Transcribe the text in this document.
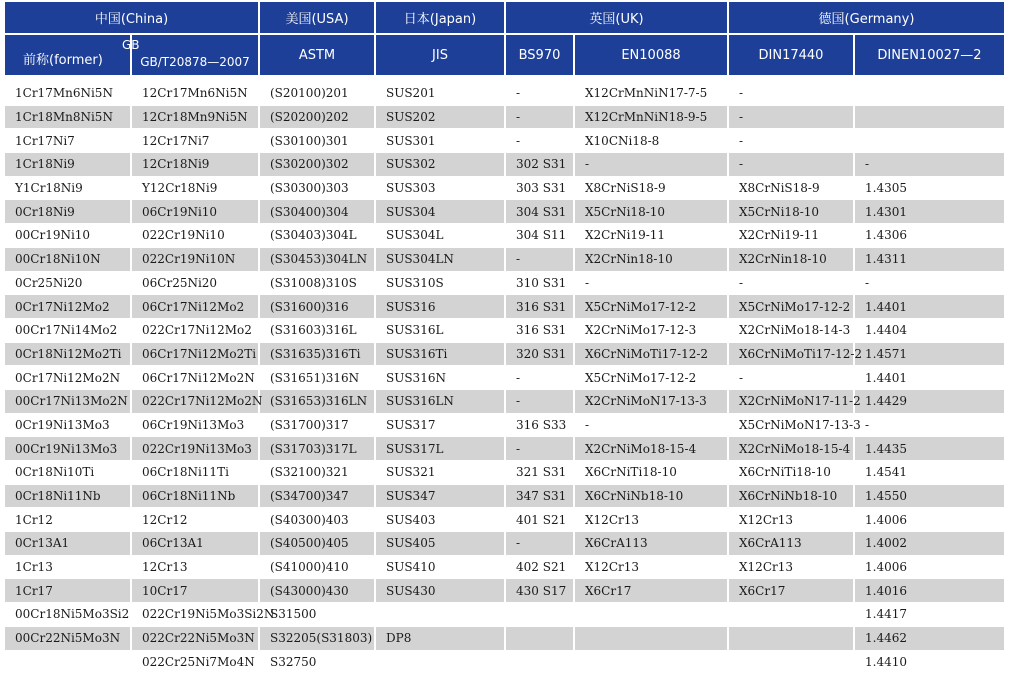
中国(China)		美国(USA)	日本(Japan)	英国(UK)		德国(Germany)	

前称(former)	GB
GB/T20878—2007	ASTM	JIS	BS970	EN10088	DIN17440	DINEN10027—2

1Cr17Mn6Ni5N	12Cr17Mn6Ni5N	(S20100)201	SUS201	-	X12CrMnNiN17-7-5	-	
1Cr18Mn8Ni5N	12Cr18Mn9Ni5N	(S20200)202	SUS202	-	X12CrMnNiN18-9-5	-	
1Cr17Ni7	12Cr17Ni7	(S30100)301	SUS301	-	X10CNi18-8	-	
1Cr18Ni9	12Cr18Ni9	(S30200)302	SUS302	302 S31	-	-	-
Y1Cr18Ni9	Y12Cr18Ni9	(S30300)303	SUS303	303 S31	X8CrNiS18-9	X8CrNiS18-9	1.4305
0Cr18Ni9	06Cr19Ni10	(S30400)304	SUS304	304 S31	X5CrNi18-10	X5CrNi18-10	1.4301
00Cr19Ni10	022Cr19Ni10	(S30403)304L	SUS304L	304 S11	X2CrNi19-11	X2CrNi19-11	1.4306
00Cr18Ni10N	022Cr19Ni10N	(S30453)304LN	SUS304LN	-	X2CrNin18-10	X2CrNin18-10	1.4311
0Cr25Ni20	06Cr25Ni20	(S31008)310S	SUS310S	310 S31	-	-	-
0Cr17Ni12Mo2	06Cr17Ni12Mo2	(S31600)316	SUS316	316 S31	X5CrNiMo17-12-2	X5CrNiMo17-12-2	1.4401
00Cr17Ni14Mo2	022Cr17Ni12Mo2	(S31603)316L	SUS316L	316 S31	X2CrNiMo17-12-3	X2CrNiMo18-14-3	1.4404
0Cr18Ni12Mo2Ti	06Cr17Ni12Mo2Ti	(S31635)316Ti	SUS316Ti	320 S31	X6CrNiMoTi17-12-2	X6CrNiMoTi17-12-2	1.4571
0Cr17Ni12Mo2N	06Cr17Ni12Mo2N	(S31651)316N	SUS316N	-	X5CrNiMo17-12-2	-	1.4401
00Cr17Ni13Mo2N	022Cr17Ni12Mo2N	(S31653)316LN	SUS316LN	-	X2CrNiMoN17-13-3	X2CrNiMoN17-11-2	1.4429
0Cr19Ni13Mo3	06Cr19Ni13Mo3	(S31700)317	SUS317	316 S33	-	X5CrNiMoN17-13-3	-
00Cr19Ni13Mo3	022Cr19Ni13Mo3	(S31703)317L	SUS317L	-	X2CrNiMo18-15-4	X2CrNiMo18-15-4	1.4435
0Cr18Ni10Ti	06Cr18Ni11Ti	(S32100)321	SUS321	321 S31	X6CrNiTi18-10	X6CrNiTi18-10	1.4541
0Cr18Ni11Nb	06Cr18Ni11Nb	(S34700)347	SUS347	347 S31	X6CrNiNb18-10	X6CrNiNb18-10	1.4550
1Cr12	12Cr12	(S40300)403	SUS403	401 S21	X12Cr13	X12Cr13	1.4006
0Cr13A1	06Cr13A1	(S40500)405	SUS405	-	X6CrA113	X6CrA113	1.4002
1Cr13	12Cr13	(S41000)410	SUS410	402 S21	X12Cr13	X12Cr13	1.4006
1Cr17	10Cr17	(S43000)430	SUS430	430 S17	X6Cr17	X6Cr17	1.4016
00Cr18Ni5Mo3Si2	022Cr19Ni5Mo3Si2N	S31500					1.4417
00Cr22Ni5Mo3N	022Cr22Ni5Mo3N	S32205(S31803)	DP8				1.4462
	022Cr25Ni7Mo4N	S32750					1.4410
